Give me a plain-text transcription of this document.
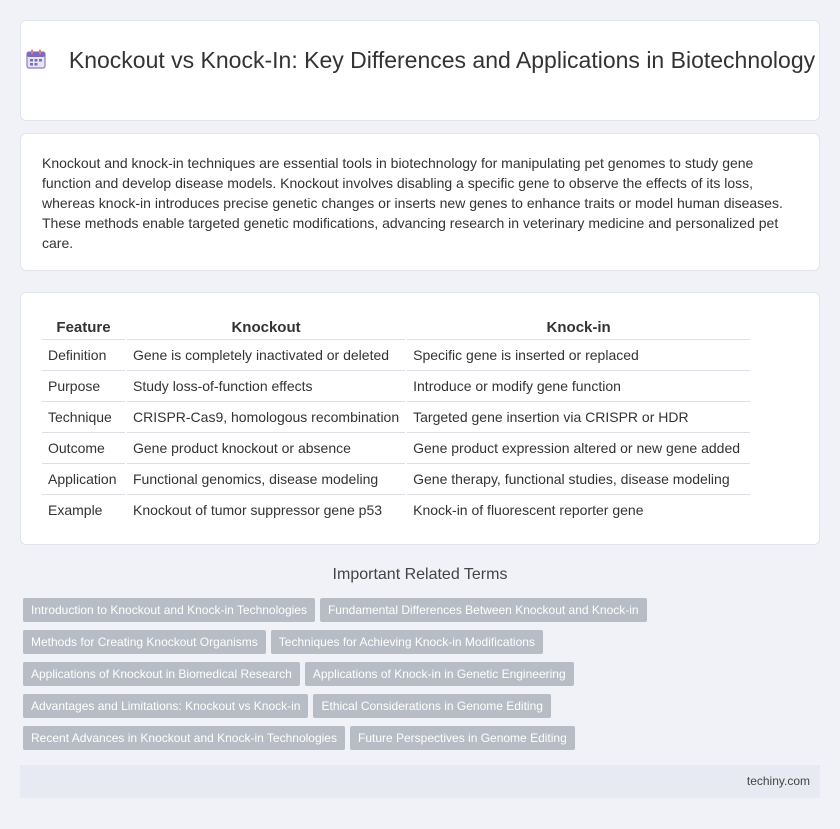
Knockout vs Knock-In: Key Differences and Applications in Biotechnology

Knockout and knock-in techniques are essential tools in biotechnology for manipulating pet genomes to study gene function and develop disease models. Knockout involves disabling a specific gene to observe the effects of its loss, whereas knock-in introduces precise genetic changes or inserts new genes to enhance traits or model human diseases. These methods enable targeted genetic modifications, advancing research in veterinary medicine and personalized pet care.

Feature	Knockout	Knock-in
Definition	Gene is completely inactivated or deleted	Specific gene is inserted or replaced
Purpose	Study loss-of-function effects	Introduce or modify gene function
Technique	CRISPR-Cas9, homologous recombination	Targeted gene insertion via CRISPR or HDR
Outcome	Gene product knockout or absence	Gene product expression altered or new gene added
Application	Functional genomics, disease modeling	Gene therapy, functional studies, disease modeling
Example	Knockout of tumor suppressor gene p53	Knock-in of fluorescent reporter gene
Important Related Terms
Introduction to Knockout and Knock-in Technologies Fundamental Differences Between Knockout and Knock-in
Methods for Creating Knockout Organisms Techniques for Achieving Knock-in Modifications
Applications of Knockout in Biomedical Research Applications of Knock-in in Genetic Engineering
Advantages and Limitations: Knockout vs Knock-in Ethical Considerations in Genome Editing
Recent Advances in Knockout and Knock-in Technologies Future Perspectives in Genome Editing
techiny.com
